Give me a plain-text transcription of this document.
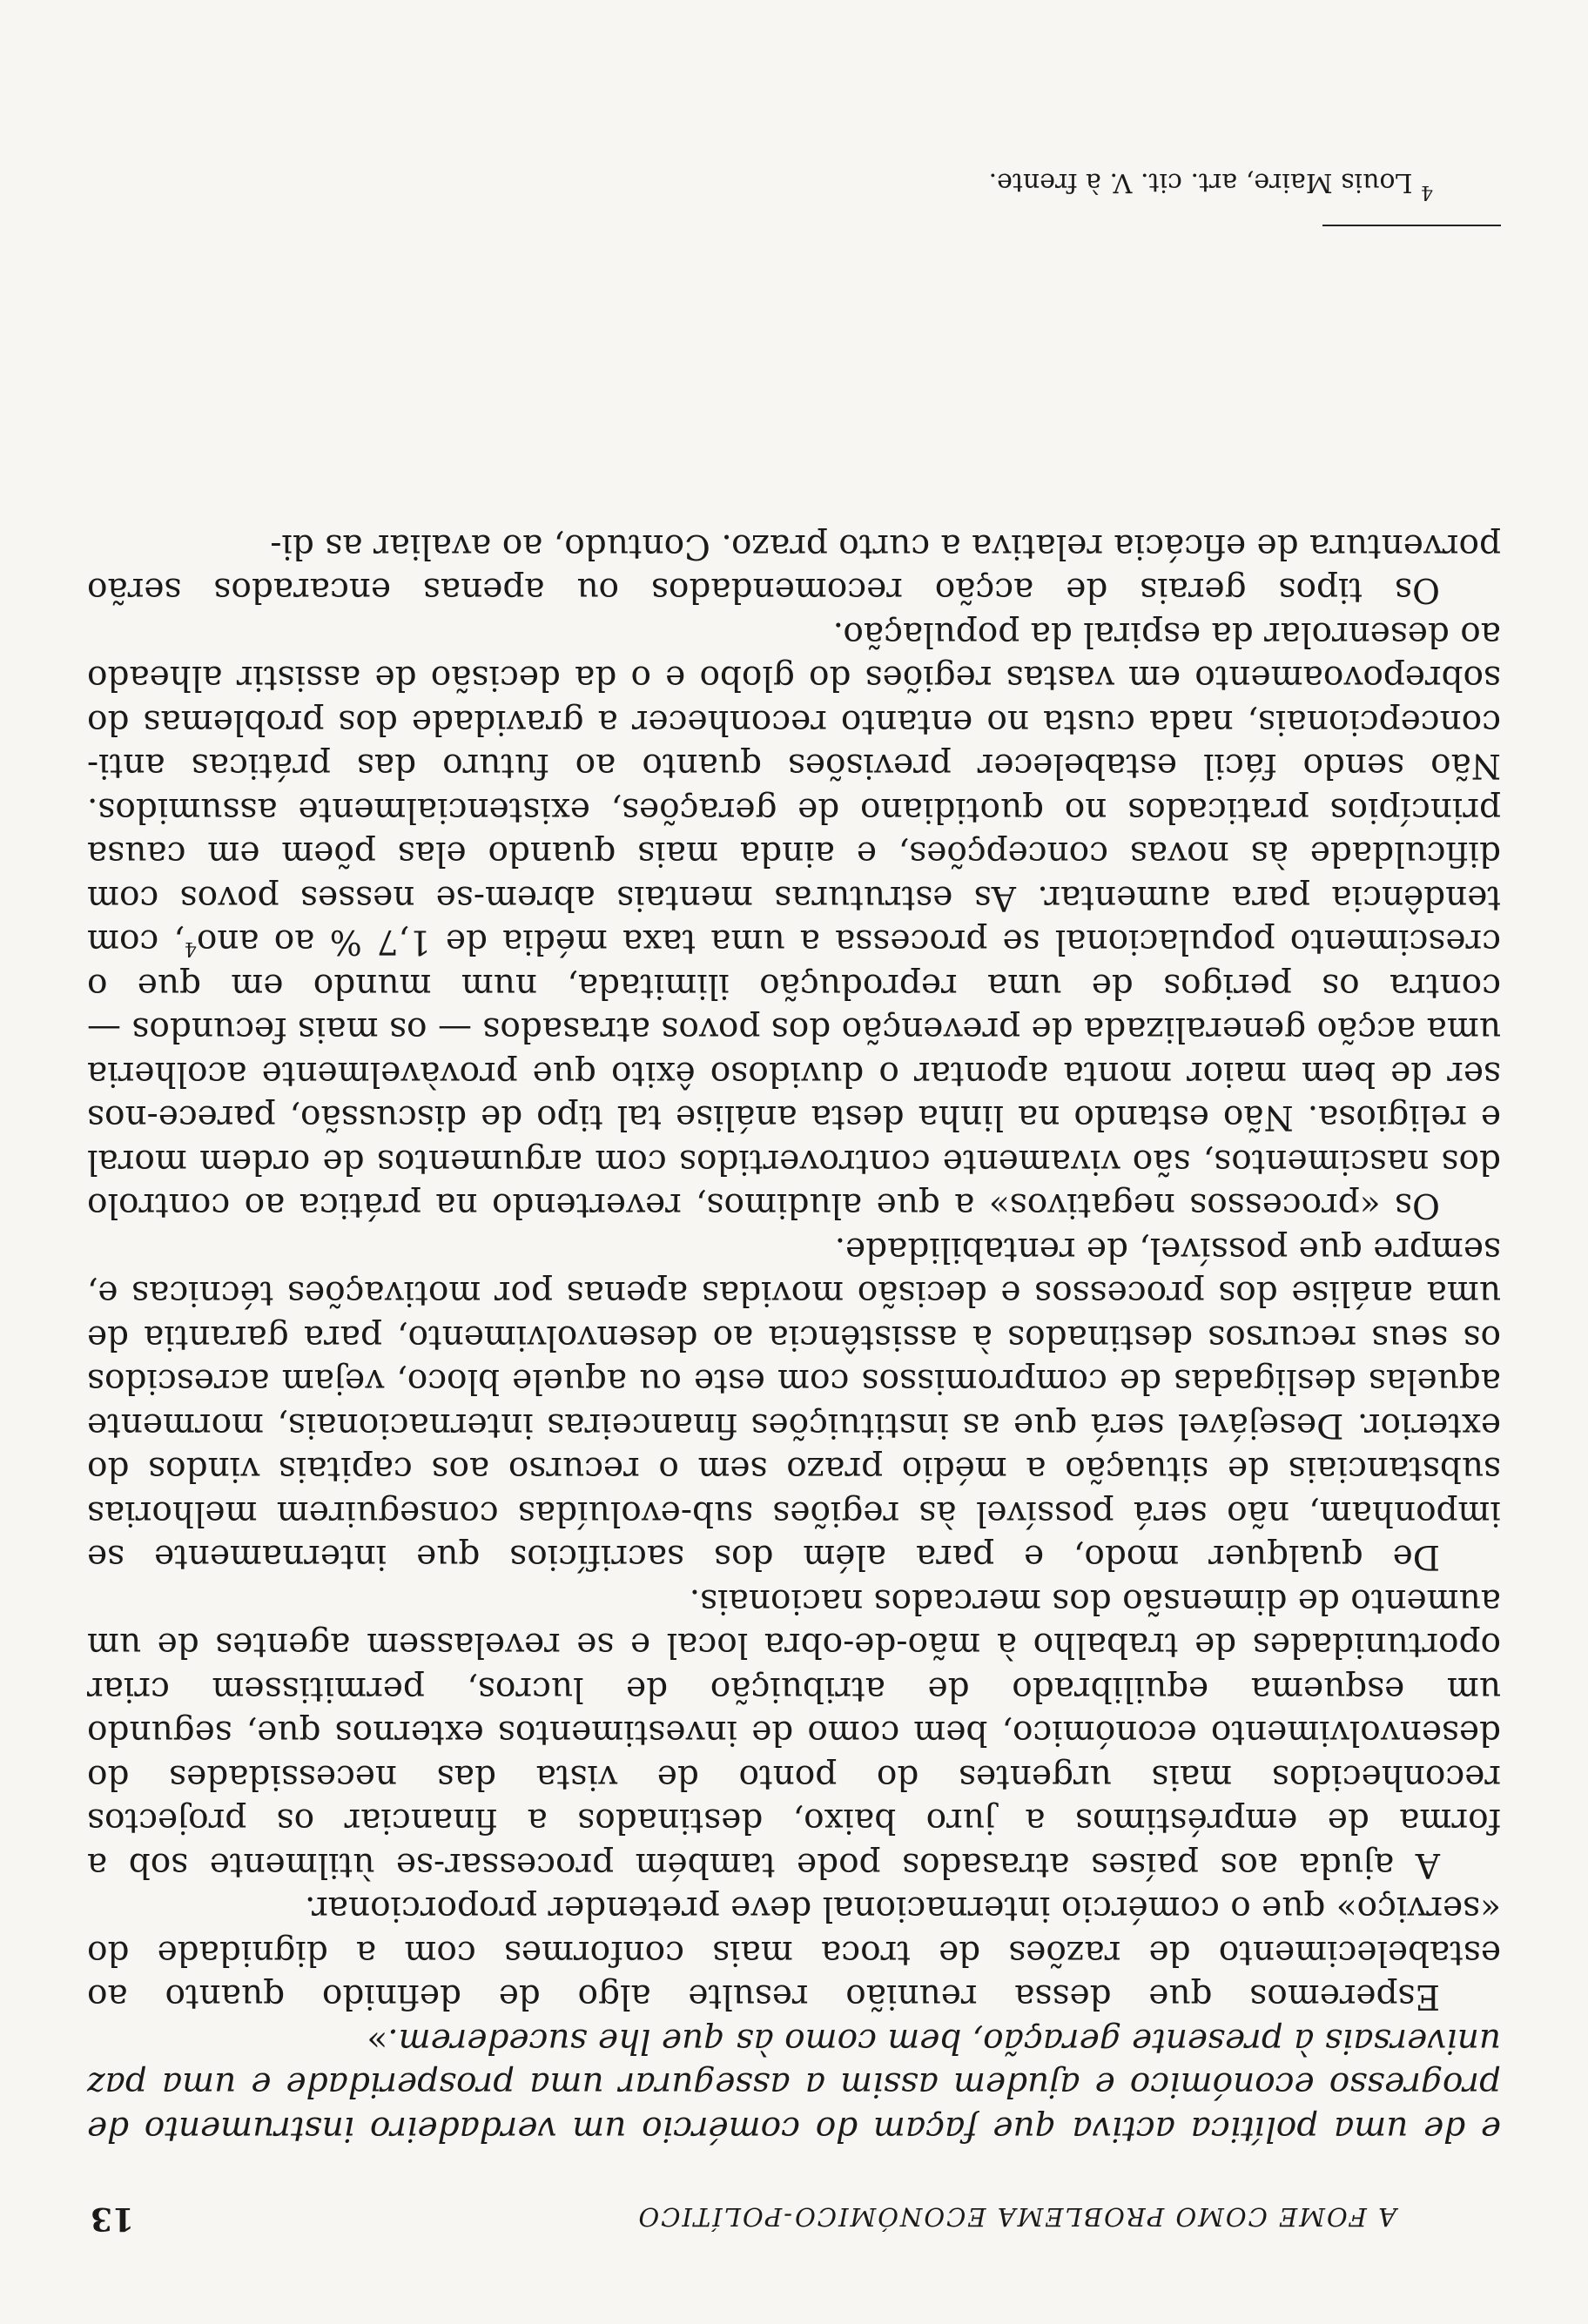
A FOME COMO PROBLEMA ECONÓMICO-POLÍTICO
13

e de uma política activa que façam do comércio um verdadeiro instrumento de progresso económico e ajudem assim a assegurar uma prosperidade e uma paz universais à presente geração, bem como às que lhe sucederem.»

Esperemos que dessa reunião resulte algo de definido quanto ao estabelecimento de razões de troca mais conformes com a dignidade do «serviço» que o comércio internacional deve pretender proporcionar.

A ajuda aos países atrasados pode também processar-se ùtilmente sob a forma de empréstimos a juro baixo, destinados a financiar os projectos reconhecidos mais urgentes do ponto de vista das necessidades do desenvolvimento económico, bem como de investimentos externos que, segundo um esquema equilibrado de atribuição de lucros, permitissem criar oportunidades de trabalho à mão-de-obra local e se revelassem agentes de um aumento de dimensão dos mercados nacionais.

De qualquer modo, e para além dos sacrifícios que internamente se imponham, não será possível às regiões sub-evoluídas conseguirem melhorias substanciais de situação a médio prazo sem o recurso aos capitais vindos do exterior. Desejável será que as instituições financeiras internacionais, mormente aquelas desligadas de compromissos com este ou aquele bloco, vejam acrescidos os seus recursos destinados à assistência ao desenvolvimento, para garantia de uma análise dos processos e decisão movidas apenas por motivações técnicas e, sempre que possível, de rentabilidade.

Os «processos negativos» a que aludimos, revertendo na prática ao controlo dos nascimentos, são vivamente controvertidos com argumentos de ordem moral e religiosa. Não estando na linha desta análise tal tipo de discussão, parece-nos ser de bem maior monta apontar o duvidoso êxito que provàvelmente acolheria uma acção generalizada de prevenção dos povos atrasados — os mais fecundos — contra os perigos de uma reprodução ilimitada, num mundo em que o crescimento populacional se processa a uma taxa média de 1,7 % ao ano$^4$, com tendência para aumentar. As estruturas mentais abrem-se nesses povos com dificuldade às novas concepções, e ainda mais quando elas põem em causa princípios praticados no quotidiano de gerações, existencialmente assumidos. Não sendo fácil estabelecer previsões quanto ao futuro das práticas anti-concepcionais, nada custa no entanto reconhecer a gravidade dos problemas do sobrepovoamento em vastas regiões do globo e o da decisão de assistir alheado ao desenrolar da espiral da população.

Os tipos gerais de acção recomendados ou apenas encarados serão porventura de eficácia relativa a curto prazo. Contudo, ao avaliar as di-

$^4$ Louis Maire, art. cit. V. à frente.
